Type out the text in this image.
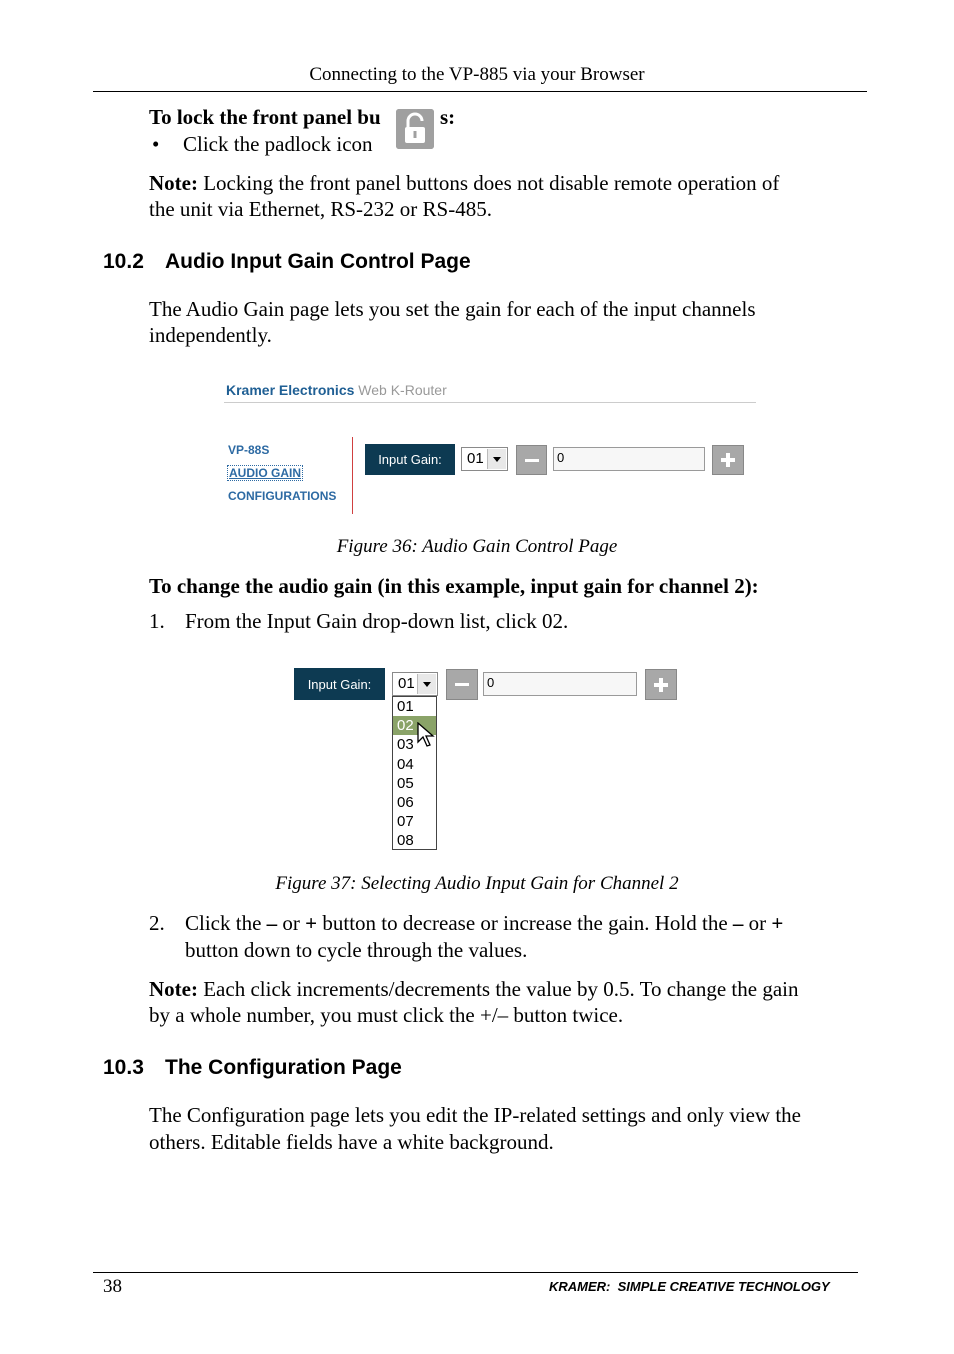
Connecting to the VP-885 via your Browser
To lock the front panel bu	s:
• Click the padlock icon
Note: Locking the front panel buttons does not disable remote operation of
the unit via Ethernet, RS-232 or RS-485.
10.2 Audio Input Gain Control Page
The Audio Gain page lets you set the gain for each of the input channels
independently.
Kramer Electronics Web K-Router
VP-88S
AUDIO GAIN
CONFIGURATIONS
Input Gain:	01	0
Figure 36: Audio Gain Control Page
To change the audio gain (in this example, input gain for channel 2):
1. From the Input Gain drop-down list, click 02.
Input Gain:	01	0
01
02
03
04
05
06
07
08
Figure 37: Selecting Audio Input Gain for Channel 2
2. Click the – or + button to decrease or increase the gain. Hold the – or +
button down to cycle through the values.
Note: Each click increments/decrements the value by 0.5. To change the gain
by a whole number, you must click the +/– button twice.
10.3 The Configuration Page
The Configuration page lets you edit the IP-related settings and only view the
others. Editable fields have a white background.
38	KRAMER:  SIMPLE CREATIVE TECHNOLOGY
